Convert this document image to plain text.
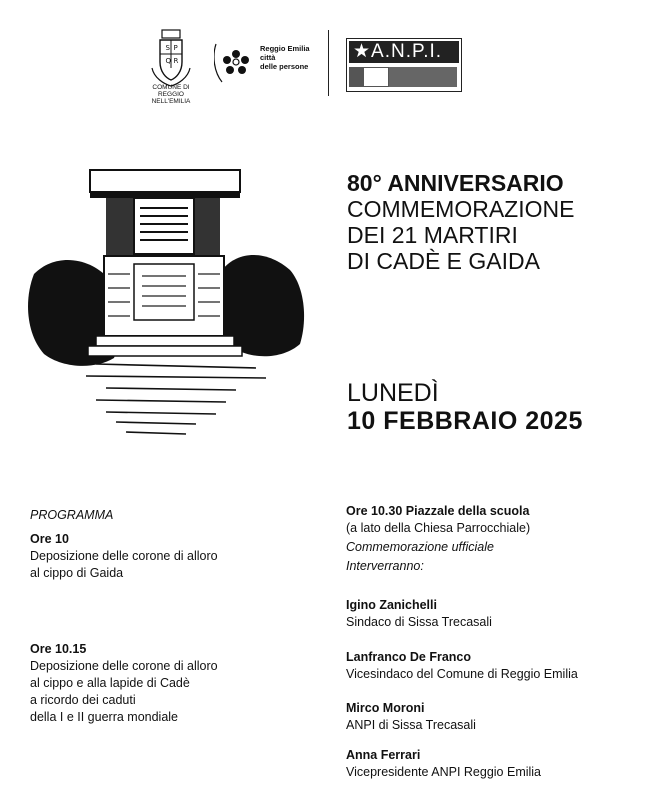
S P
Q R
COMUNE DI
REGGIO NELL'EMILIA
Reggio Emilia
città
delle persone
★A.N.P.I.
80° ANNIVERSARIO
COMMEMORAZIONE
DEI 21 MARTIRI
DI CADÈ E GAIDA
LUNEDÌ
10 FEBBRAIO 2025
PROGRAMMA
Ore 10
Deposizione delle corone di alloro
al cippo di Gaida
Ore 10.15
Deposizione delle corone di alloro
al cippo e alla lapide di Cadè
a ricordo dei caduti
della I e II guerra mondiale
Ore 10.30 Piazzale della scuola
(a lato della Chiesa Parrocchiale)
Commemorazione ufficiale
Interverranno:
Igino Zanichelli
Sindaco di Sissa Trecasali
Lanfranco De Franco
Vicesindaco del Comune di Reggio Emilia
Mirco Moroni
ANPI di Sissa Trecasali
Anna Ferrari
Vicepresidente ANPI Reggio Emilia
